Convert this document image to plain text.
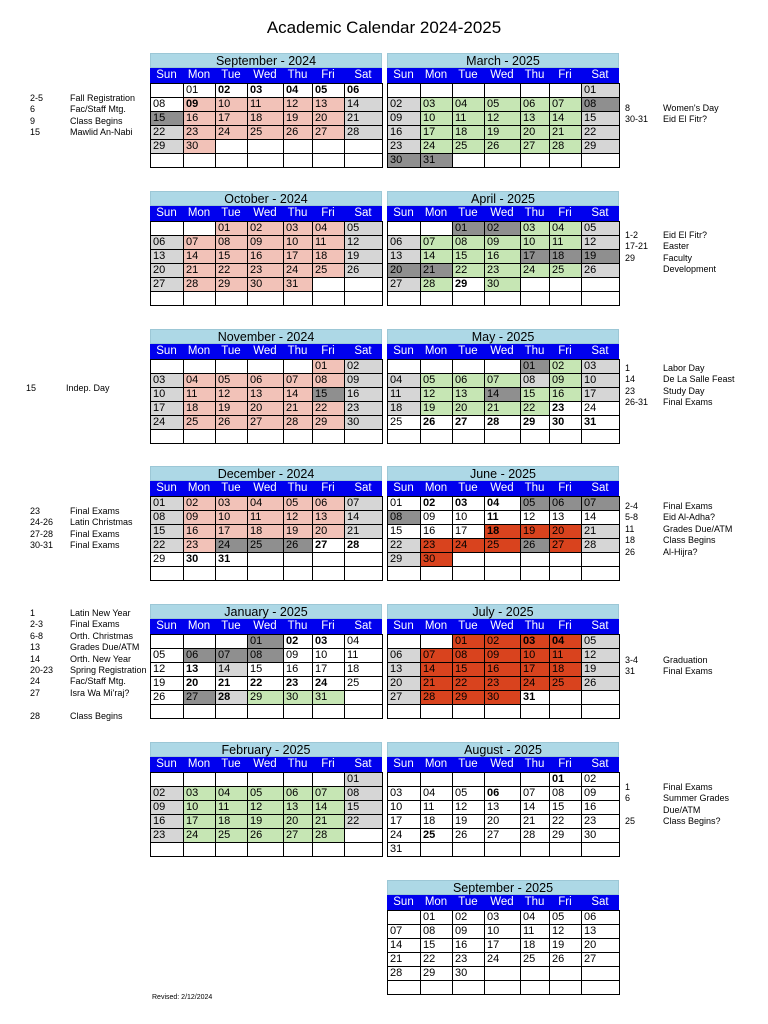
Academic Calendar 2024-2025
September - 2024
Sun Mon Tue	Wed Thu	Fri	Sat
	01	02	03	04	05	06	
08	09	10	11	12	13	14	
15	16	17	18	19	20	21	
22	23	24	25	26	27	28	
29	30						

March - 2025
Sun Mon Tue	Wed Thu	Fri	Sat
						01
02	03	04	05	06	07	08
09	10	11	12	13	14	15
16	17	18	19	20	21	22
23	24	25	26	27	28	29
30	31					
October - 2024
Sun Mon Tue	Wed Thu	Fri	Sat
		01	02	03	04	05
06	07	08	09	10	11	12
13	14	15	16	17	18	19
20	21	22	23	24	25	26
27	28	29	30	31		

April - 2025
Sun Mon Tue	Wed Thu	Fri	Sat
		01	02	03	04	05
06	07	08	09	10	11	12
13	14	15	16	17	18	19
20	21	22	23	24	25	26
27	28	29	30			

November - 2024
Sun Mon Tue	Wed Thu	Fri	Sat
					01	02
03	04	05	06	07	08	09
10	11	12	13	14	15	16
17	18	19	20	21	22	23
24	25	26	27	28	29	30

May - 2025
Sun Mon Tue	Wed Thu	Fri	Sat
				01	02	03
04	05	06	07	08	09	10
11	12	13	14	15	16	17
18	19	20	21	22	23	24
25	26	27	28	29	30	31

December - 2024
Sun Mon Tue	Wed Thu	Fri	Sat
01	02	03	04	05	06	07
08	09	10	11	12	13	14
15	16	17	18	19	20	21
22	23	24	25	26	27	28
29	30	31				

June - 2025
Sun Mon Tue	Wed Thu	Fri	Sat
01	02	03	04	05	06	07
08	09	10	11	12	13	14
15	16	17	18	19	20	21
22	23	24	25	26	27	28
29	30					

January - 2025
Sun Mon Tue	Wed Thu	Fri	Sat
			01	02	03	04
05	06	07	08	09	10	11
12	13	14	15	16	17	18
19	20	21	22	23	24	25
26	27	28	29	30	31	

July - 2025
Sun Mon Tue	Wed Thu	Fri	Sat
		01	02	03	04	05
06	07	08	09	10	11	12
13	14	15	16	17	18	19
20	21	22	23	24	25	26
27	28	29	30	31		

February - 2025
Sun Mon Tue	Wed Thu	Fri	Sat
						01
02	03	04	05	06	07	08
09	10	11	12	13	14	15
16	17	18	19	20	21	22
23	24	25	26	27	28	

August - 2025
Sun Mon Tue	Wed Thu	Fri	Sat
					01	02
03	04	05	06	07	08	09
10	11	12	13	14	15	16
17	18	19	20	21	22	23
24	25	26	27	28	29	30
31						
September - 2025
Sun Mon Tue	Wed Thu	Fri	Sat
	01	02	03	04	05	06
07	08	09	10	11	12	13
14	15	16	17	18	19	20
21	22	23	24	25	26	27
28	29	30				

2-5	Fall Registration
6	Fac/Staff Mtg.
9	Class Begins
15	Mawlid An-Nabi
8	Women's Day
30-31	Eid El Fitr?
1-2	Eid El Fitr?
17-21	Easter
29	Faculty Development
15	Indep. Day
1	Labor Day
14	De La Salle Feast
23	Study Day
26-31	Final Exams
23	Final Exams
24-26	Latin Christmas
27-28	Final Exams
30-31	Final Exams
2-4	Final Exams
5-8	Eid Al-Adha?
11	Grades Due/ATM
18	Class Begins
26	Al-Hijra?
1	Latin New Year
2-3	Final Exams
6-8	Orth. Christmas
13	Grades Due/ATM
14	Orth. New Year
20-23	Spring Registration
24	Fac/Staff Mtg.
27	Isra Wa Mi'raj?

28	Class Begins
3-4	Graduation
31	Final Exams
1	Final Exams
6	Summer Grades Due/ATM
25	Class Begins?
Revised: 2/12/2024
